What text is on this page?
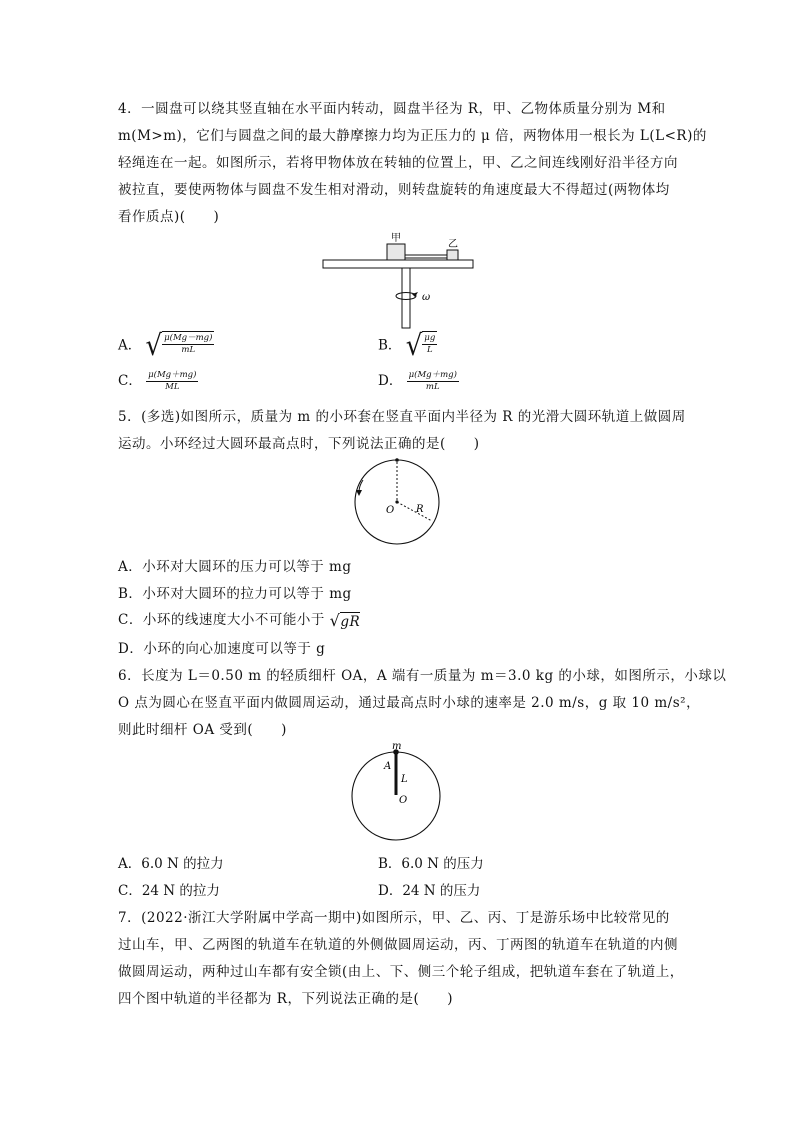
4．一圆盘可以绕其竖直轴在水平面内转动，圆盘半径为 R，甲、乙物体质量分别为 M和
m(M>m)，它们与圆盘之间的最大静摩擦力均为正压力的 μ 倍，两物体用一根长为 L(L<R)的
轻绳连在一起。如图所示，若将甲物体放在转轴的位置上，甲、乙之间连线刚好沿半径方向
被拉直，要使两物体与圆盘不发生相对滑动，则转盘旋转的角速度最大不得超过(两物体均
看作质点)(　　)
甲
乙
ω
A． √ $\frac{\mu(Mg-mg)}{mL}$	B． √ $\frac{\mu g}{L}$
C． $\frac{\mu(Mg+mg)}{ML}$	D． $\frac{\mu(Mg+mg)}{mL}$
5．(多选)如图所示，质量为 m 的小环套在竖直平面内半径为 R 的光滑大圆环轨道上做圆周
运动。小环经过大圆环最高点时，下列说法正确的是(　　)
O R
A．小环对大圆环的压力可以等于 mg
B．小环对大圆环的拉力可以等于 mg
C．小环的线速度大小不可能小于 √ gR
D．小环的向心加速度可以等于 g
6．长度为 L＝0.50 m 的轻质细杆 OA，A 端有一质量为 m＝3.0 kg 的小球，如图所示，小球以
O 点为圆心在竖直平面内做圆周运动，通过最高点时小球的速率是 2.0 m/s，g 取 10 m/s²，
则此时细杆 OA 受到(　　)
m
A
L
O
A．6.0 N 的拉力	B．6.0 N 的压力
C．24 N 的拉力	D．24 N 的压力
7．(2022·浙江大学附属中学高一期中)如图所示，甲、乙、丙、丁是游乐场中比较常见的
过山车，甲、乙两图的轨道车在轨道的外侧做圆周运动，丙、丁两图的轨道车在轨道的内侧
做圆周运动，两种过山车都有安全锁(由上、下、侧三个轮子组成，把轨道车套在了轨道上，
四个图中轨道的半径都为 R，下列说法正确的是(　　)
